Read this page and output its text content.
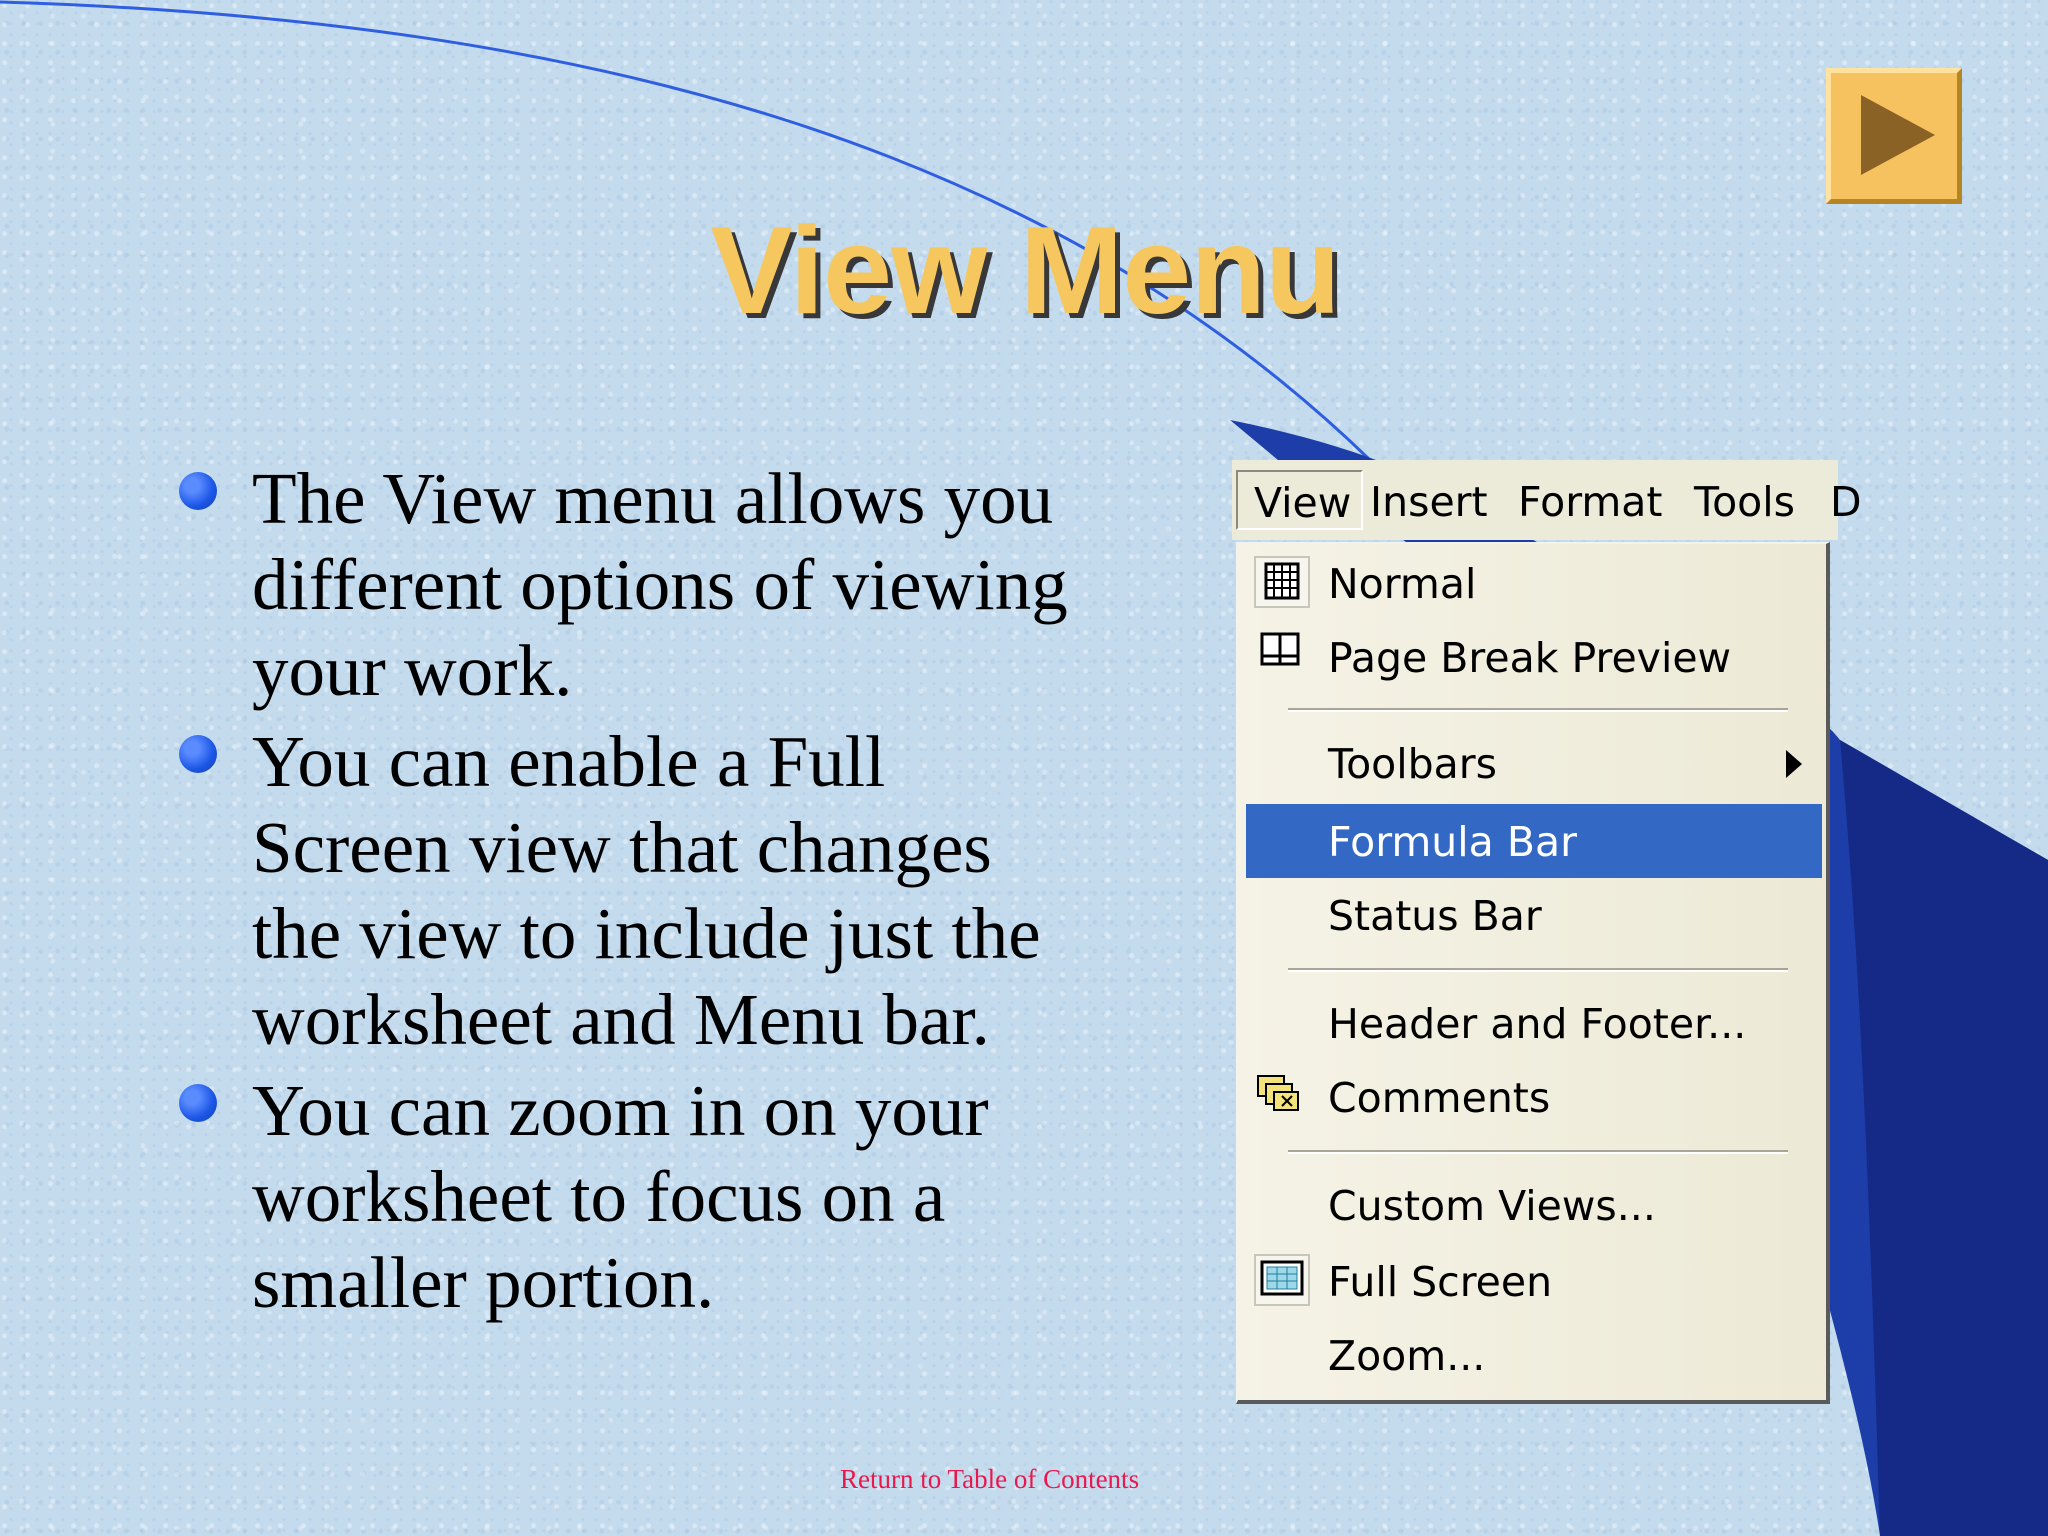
View Menu
The View menu allows you different options of viewing your work.
You can enable a Full Screen view that changes the view to include just the worksheet and Menu bar.
You can zoom in on your worksheet to focus on a smaller portion.
View Insert Format Tools D
Normal
Page Break Preview
Toolbars
Formula Bar
Status Bar
Header and Footer...
Comments
Custom Views...
Full Screen
Zoom...
Return to Table of Contents
